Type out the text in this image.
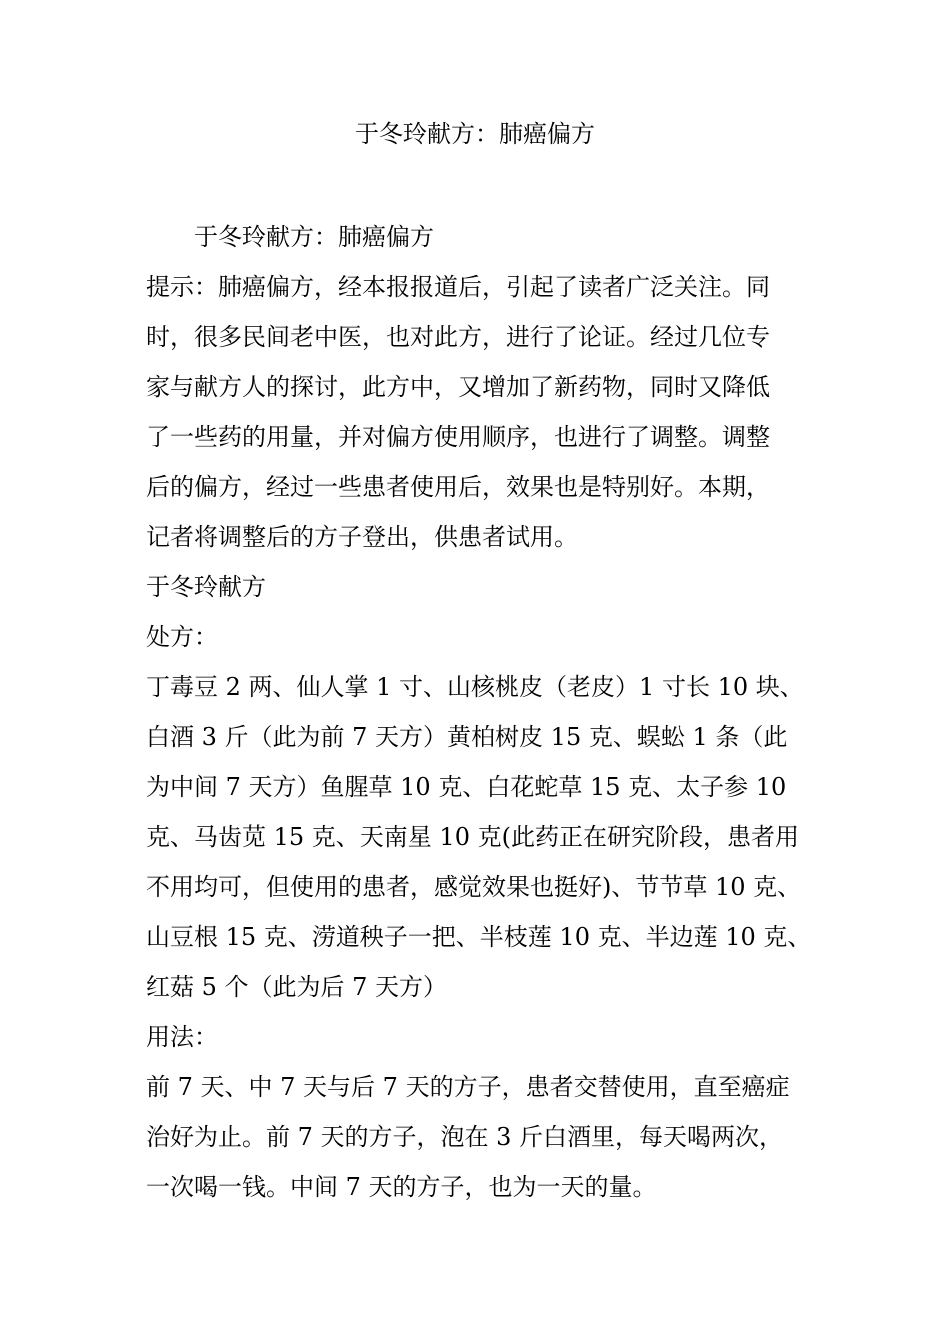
于冬玲献方：肺癌偏方
于冬玲献方：肺癌偏方
提示：肺癌偏方，经本报报道后，引起了读者广泛关注。同
时，很多民间老中医，也对此方，进行了论证。经过几位专
家与献方人的探讨，此方中，又增加了新药物，同时又降低
了一些药的用量，并对偏方使用顺序，也进行了调整。调整
后的偏方，经过一些患者使用后，效果也是特别好。本期，
记者将调整后的方子登出，供患者试用。
于冬玲献方
处方：
丁毒豆 2 两、仙人掌 1 寸、山核桃皮（老皮）1 寸长 10 块、
白酒 3 斤（此为前 7 天方）黄柏树皮 15 克、蜈蚣 1 条（此
为中间 7 天方）鱼腥草 10 克、白花蛇草 15 克、太子参 10
克、马齿苋 15 克、天南星 10 克(此药正在研究阶段，患者用
不用均可，但使用的患者，感觉效果也挺好)、节节草 10 克、
山豆根 15 克、涝道秧子一把、半枝莲 10 克、半边莲 10 克、
红菇 5 个（此为后 7 天方）
用法：
前 7 天、中 7 天与后 7 天的方子，患者交替使用，直至癌症
治好为止。前 7 天的方子，泡在 3 斤白酒里，每天喝两次，
一次喝一钱。中间 7 天的方子，也为一天的量。
